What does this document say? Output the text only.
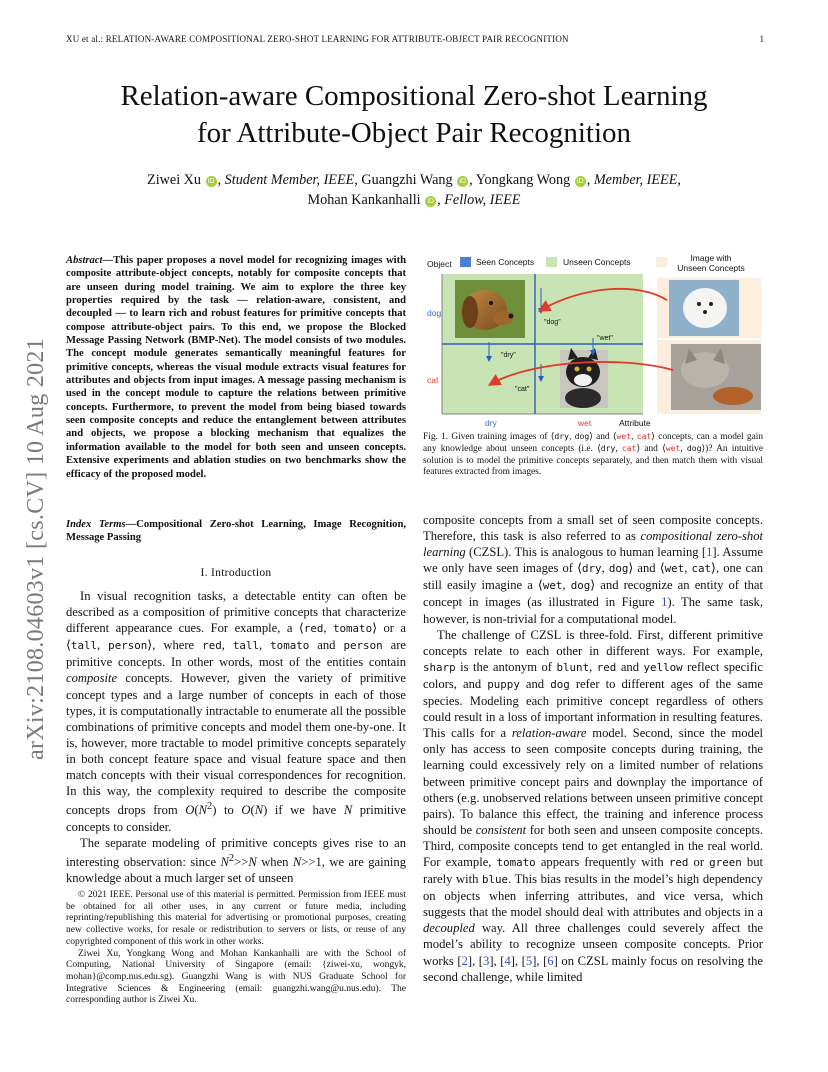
XU et al.: RELATION-AWARE COMPOSITIONAL ZERO-SHOT LEARNING FOR ATTRIBUTE-OBJECT PAIR RECOGNITION	1
Relation-aware Compositional Zero-shot Learning
for Attribute-Object Pair Recognition
Ziwei Xu iD , Student Member, IEEE, Guangzhi Wang iD , Yongkang Wong iD , Member, IEEE,
Mohan Kankanhalli iD , Fellow, IEEE
arXiv:2108.04603v1 [cs.CV] 10 Aug 2021
Abstract—This paper proposes a novel model for recognizing images with composite attribute-object concepts, notably for composite concepts that are unseen during model training. We aim to explore the three key properties required by the task — relation-aware, consistent, and decoupled — to learn rich and robust features for primitive concepts that compose attribute-object pairs. To this end, we propose the Blocked Message Passing Network (BMP-Net). The model consists of two modules. The concept module generates semantically meaningful features for primitive concepts, whereas the visual module extracts visual features for attributes and objects from input images. A message passing mechanism is used in the concept module to capture the relations between primitive concepts. Furthermore, to prevent the model from being biased towards seen composite concepts and reduce the entanglement between attributes and objects, we propose a blocking mechanism that equalizes the information available to the model for both seen and unseen concepts. Extensive experiments and ablation studies on two benchmarks show the efficacy of the proposed model.
Index Terms—Compositional Zero-shot Learning, Image Recognition, Message Passing
I. Introduction

In visual recognition tasks, a detectable entity can often be described as a composition of primitive concepts that characterize different appearance cues. For example, a ⟨red, tomato⟩ or a ⟨tall, person⟩, where red, tall, tomato and person are primitive concepts. In other words, most of the entities contain composite concepts. However, given the variety of primitive concept types and a large number of concepts in each of those types, it is computationally intractable to enumerate all the possible combinations of primitive concepts and model them one-by-one. It is, however, more tractable to model primitive concepts separately in both concept feature space and visual feature space and then match concepts with their visual correspondences for recognition. In this way, the complexity required to describe the composite concepts drops from $O(N^2)$ to O(N) if we have N primitive concepts to consider.

The separate modeling of primitive concepts gives rise to an interesting observation: since $N^2>>N$ when N>>1, we are gaining knowledge about a much larger set of unseen

© 2021 IEEE. Personal use of this material is permitted. Permission from IEEE must be obtained for all other uses, in any current or future media, including reprinting/republishing this material for advertising or promotional purposes, creating new collective works, for resale or redistribution to servers or lists, or reuse of any copyrighted component of this work in other works.

Ziwei Xu, Yongkang Wong and Mohan Kankanhalli are with the School of Computing, National University of Singapore (email: {ziwei-xu, wongyk, mohan}@comp.nus.edu.sg). Guangzhi Wang is with NUS Graduate School for Integrative Sciences & Engineering (email: guangzhi.wang@u.nus.edu). The corresponding author is Ziwei Xu.

Object	Seen Concepts	Unseen Concepts	Image with Unseen Concepts
"dog"
"wet"
"dry"
"cat"
dog
cat
dry	wet	Attribute
Fig. 1. Given training images of ⟨dry, dog⟩ and ⟨wet, cat⟩ concepts, can a model gain any knowledge about unseen concepts (i.e. ⟨dry, cat⟩ and ⟨wet, dog⟩)? An intuitive solution is to model the primitive concepts separately, and then match them with visual features extracted from images.

composite concepts from a small set of seen composite concepts. Therefore, this task is also referred to as compositional zero-shot learning (CZSL). This is analogous to human learning [1]. Assume we only have seen images of ⟨dry, dog⟩ and ⟨wet, cat⟩, one can still easily imagine a ⟨wet, dog⟩ and recognize an entity of that concept in images (as illustrated in Figure 1). The same task, however, is non-trivial for a computational model.

The challenge of CZSL is three-fold. First, different primitive concepts relate to each other in different ways. For example, sharp is the antonym of blunt, red and yellow reflect specific colors, and puppy and dog refer to different ages of the same species. Modeling each primitive concept regardless of others could result in a loss of important information in resulting features. This calls for a relation-aware model. Second, since the model only has access to seen composite concepts during training, the learning could excessively rely on a limited number of relations between primitive concept pairs and downplay the importance of others (e.g. unobserved relations between unseen primitive concept pairs). To balance this effect, the training and inference process should be consistent for both seen and unseen composite concepts. Third, composite concepts tend to get entangled in the real world. For example, tomato appears frequently with red or green but rarely with blue. This bias results in the model’s high dependency on objects when inferring attributes, and vice versa, which suggests that the model should deal with attributes and objects in a decoupled way. All three challenges could severely affect the model’s ability to recognize unseen composite concepts. Prior works [2], [3], [4], [5], [6] on CZSL mainly focus on resolving the second challenge, while limited
